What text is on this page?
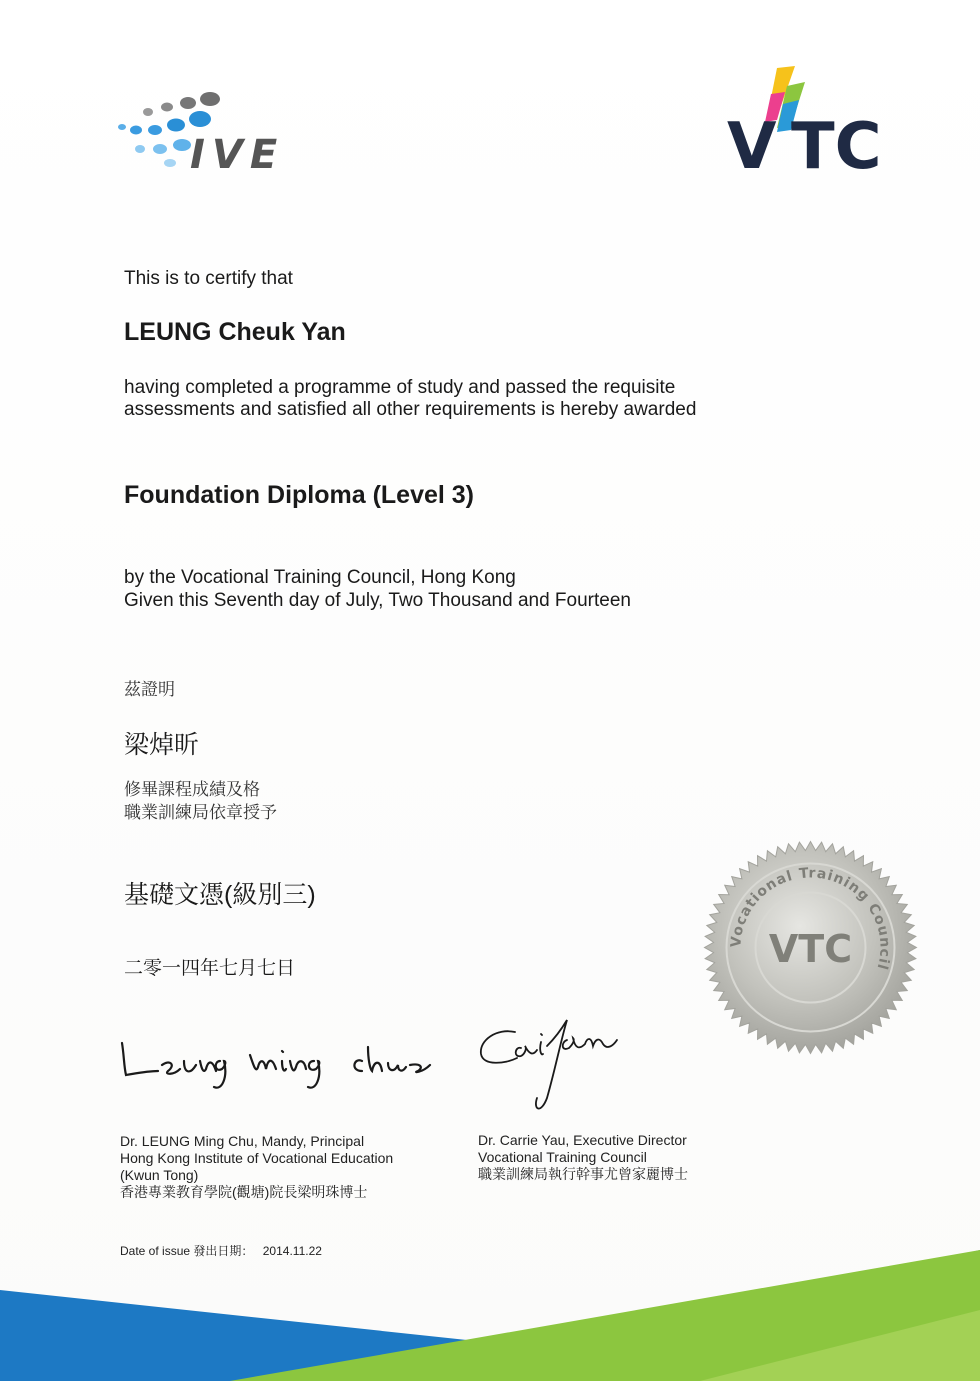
IVE	V TC
This is to certify that
LEUNG Cheuk Yan
having completed a programme of study and passed the requisite
assessments and satisfied all other requirements is hereby awarded
Foundation Diploma (Level 3)
by the Vocational Training Council, Hong Kong
Given this Seventh day of July, Two Thousand and Fourteen
茲證明
梁焯昕
修畢課程成績及格
職業訓練局依章授予
基礎文憑(級別三)
二零一四年七月七日
Dr. LEUNG Ming Chu, Mandy, Principal
Hong Kong Institute of Vocational Education
(Kwun Tong)
香港專業教育學院(觀塘)院長梁明珠博士
Dr. Carrie Yau, Executive Director
Vocational Training Council
職業訓練局執行幹事尤曾家麗博士
Date of issue 發出日期： 2014.11.22
Vocational Training Council
VTC
